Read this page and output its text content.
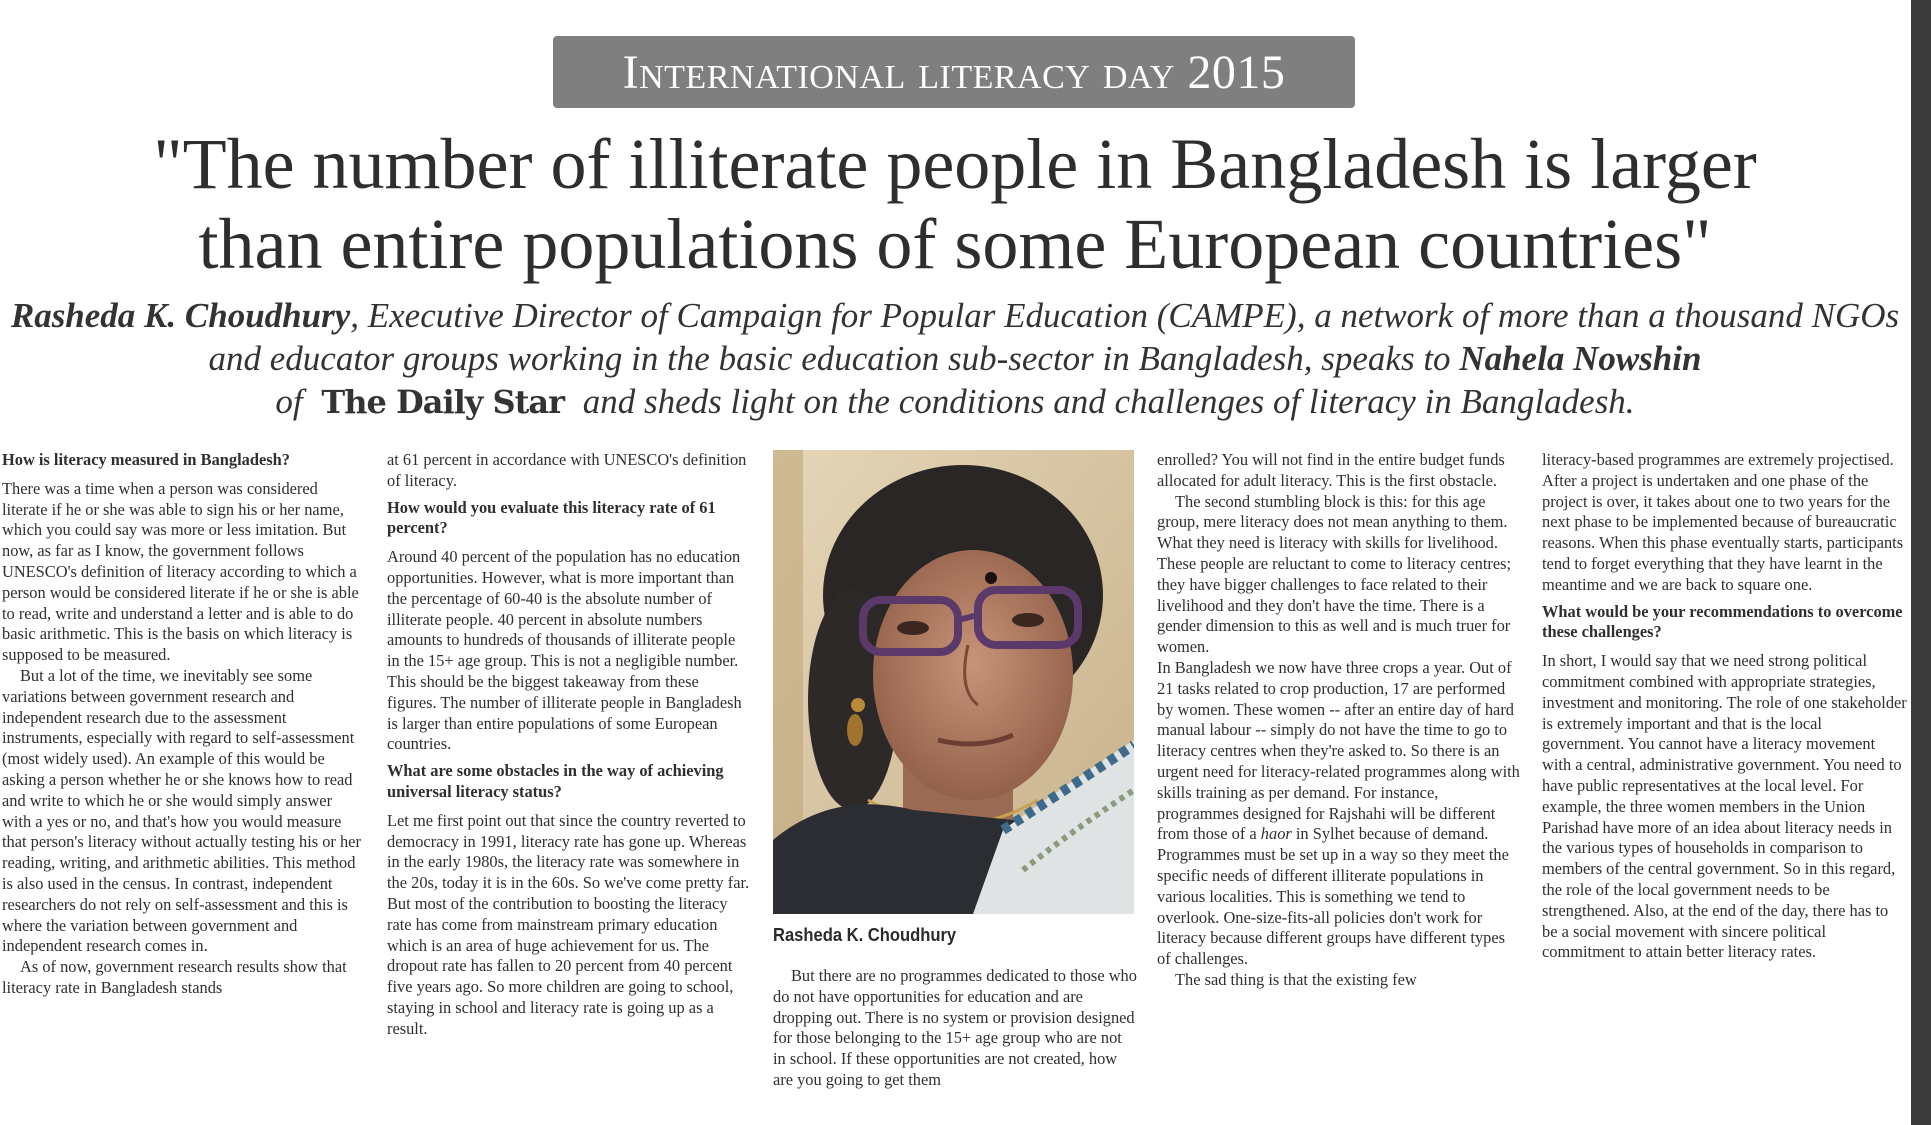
International literacy day 2015
"The number of illiterate people in Bangladesh is larger
than entire populations of some European countries"
Rasheda K. Choudhury, Executive Director of Campaign for Popular Education (CAMPE), a network of more than a thousand NGOs and educator groups working in the basic education sub-sector in Bangladesh, speaks to Nahela Nowshin
of The Daily Star and sheds light on the conditions and challenges of literacy in Bangladesh.

How is literacy measured in Bangladesh?

There was a time when a person was considered literate if he or she was able to sign his or her name, which you could say was more or less imitation. But now, as far as I know, the government follows UNESCO's definition of literacy according to which a person would be considered literate if he or she is able to read, write and understand a letter and is able to do basic arithmetic. This is the basis on which literacy is supposed to be measured.

But a lot of the time, we inevitably see some variations between government research and independent research due to the assessment instruments, especially with regard to self-assessment (most widely used). An example of this would be asking a person whether he or she knows how to read and write to which he or she would simply answer with a yes or no, and that's how you would measure that person's literacy without actually testing his or her reading, writing, and arithmetic abilities. This method is also used in the census. In contrast, independent researchers do not rely on self-assessment and this is where the variation between government and independent research comes in.

As of now, government research results show that literacy rate in Bangladesh stands

at 61 percent in accordance with UNESCO's definition of literacy.

How would you evaluate this literacy rate of 61 percent?

Around 40 percent of the population has no education opportunities. However, what is more important than the percentage of 60-40 is the absolute number of illiterate people. 40 percent in absolute numbers amounts to hundreds of thousands of illiterate people in the 15+ age group. This is not a negligible number. This should be the biggest takeaway from these figures. The number of illiterate people in Bangladesh is larger than entire populations of some European countries.

What are some obstacles in the way of achieving universal literacy status?

Let me first point out that since the country reverted to democracy in 1991, literacy rate has gone up. Whereas in the early 1980s, the literacy rate was somewhere in the 20s, today it is in the 60s. So we've come pretty far. But most of the contribution to boosting the literacy rate has come from mainstream primary education which is an area of huge achievement for us. The dropout rate has fallen to 20 percent from 40 percent five years ago. So more children are going to school, staying in school and literacy rate is going up as a result.

Rasheda K. Choudhury

But there are no programmes dedicated to those who do not have opportunities for education and are dropping out. There is no system or provision designed for those belonging to the 15+ age group who are not in school. If these opportunities are not created, how are you going to get them

enrolled? You will not find in the entire budget funds allocated for adult literacy. This is the first obstacle.

The second stumbling block is this: for this age group, mere literacy does not mean anything to them. What they need is literacy with skills for livelihood. These people are reluctant to come to literacy centres; they have bigger challenges to face related to their livelihood and they don't have the time. There is a gender dimension to this as well and is much truer for women.

In Bangladesh we now have three crops a year. Out of 21 tasks related to crop production, 17 are performed by women. These women -- after an entire day of hard manual labour -- simply do not have the time to go to literacy centres when they're asked to. So there is an urgent need for literacy-related programmes along with skills training as per demand. For instance, programmes designed for Rajshahi will be different from those of a haor in Sylhet because of demand. Programmes must be set up in a way so they meet the specific needs of different illiterate populations in various localities. This is something we tend to overlook. One-size-fits-all policies don't work for literacy because different groups have different types of challenges.

The sad thing is that the existing few

literacy-based programmes are extremely projectised. After a project is undertaken and one phase of the project is over, it takes about one to two years for the next phase to be implemented because of bureaucratic reasons. When this phase eventually starts, participants tend to forget everything that they have learnt in the meantime and we are back to square one.

What would be your recommendations to overcome these challenges?

In short, I would say that we need strong political commitment combined with appropriate strategies, investment and monitoring. The role of one stakeholder is extremely important and that is the local government. You cannot have a literacy movement with a central, administrative government. You need to have public representatives at the local level. For example, the three women members in the Union Parishad have more of an idea about literacy needs in the various types of households in comparison to members of the central government. So in this regard, the role of the local government needs to be strengthened. Also, at the end of the day, there has to be a social movement with sincere political commitment to attain better literacy rates.
